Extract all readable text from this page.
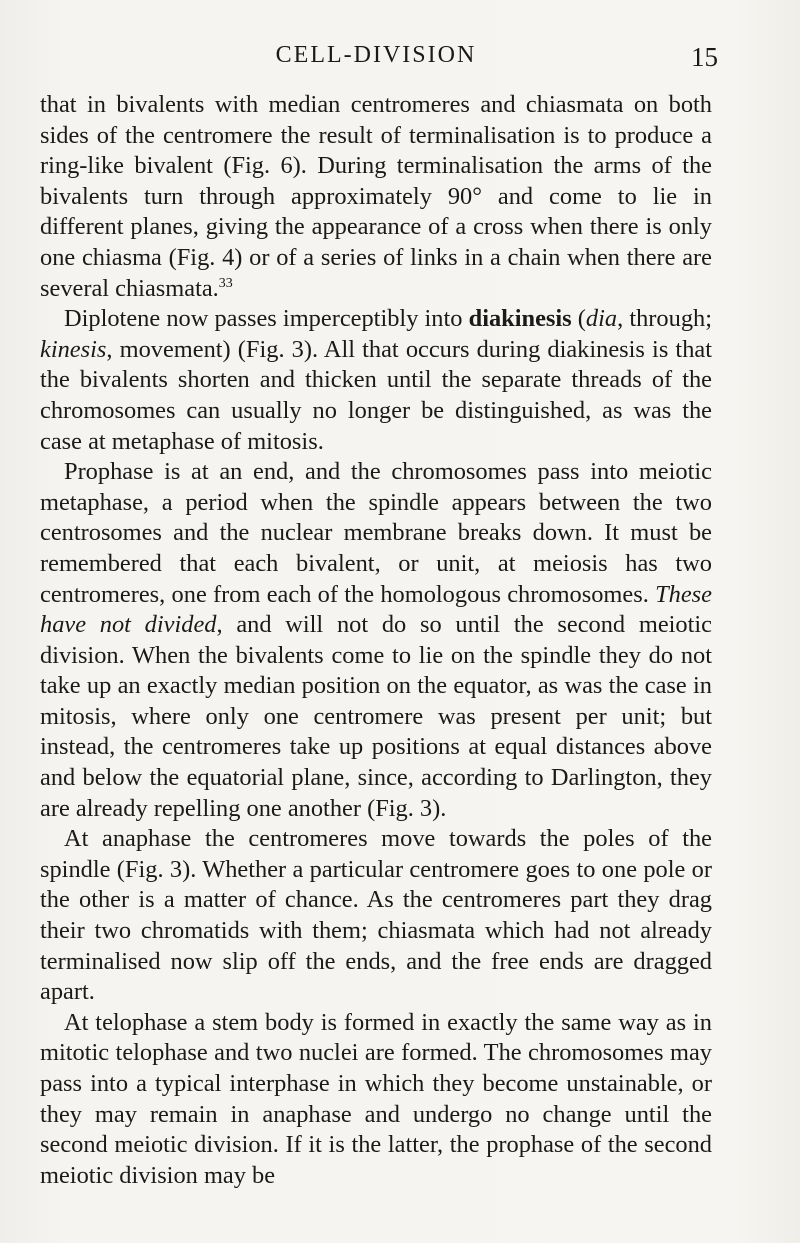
CELL-DIVISION	15

that in bivalents with median centromeres and chiasmata on both sides of the centromere the result of terminalisation is to produce a ring-like bivalent (Fig. 6). During terminalisation the arms of the bivalents turn through approximately 90° and come to lie in different planes, giving the appearance of a cross when there is only one chiasma (Fig. 4) or of a series of links in a chain when there are several chiasmata.$^{33}$

Diplotene now passes imperceptibly into diakinesis (dia, through; kinesis, movement) (Fig. 3). All that occurs during diakinesis is that the bivalents shorten and thicken until the separate threads of the chromosomes can usually no longer be distinguished, as was the case at metaphase of mitosis.

Prophase is at an end, and the chromosomes pass into meiotic metaphase, a period when the spindle appears between the two centrosomes and the nuclear membrane breaks down. It must be remembered that each bivalent, or unit, at meiosis has two centromeres, one from each of the homologous chromosomes. These have not divided, and will not do so until the second meiotic division. When the bivalents come to lie on the spindle they do not take up an exactly median position on the equator, as was the case in mitosis, where only one centromere was present per unit; but instead, the centromeres take up positions at equal distances above and below the equatorial plane, since, according to Darlington, they are already repelling one another (Fig. 3).

At anaphase the centromeres move towards the poles of the spindle (Fig. 3). Whether a particular centromere goes to one pole or the other is a matter of chance. As the centromeres part they drag their two chromatids with them; chiasmata which had not already terminalised now slip off the ends, and the free ends are dragged apart.

At telophase a stem body is formed in exactly the same way as in mitotic telophase and two nuclei are formed. The chromosomes may pass into a typical interphase in which they become unstainable, or they may remain in anaphase and undergo no change until the second meiotic division. If it is the latter, the prophase of the second meiotic division may be
